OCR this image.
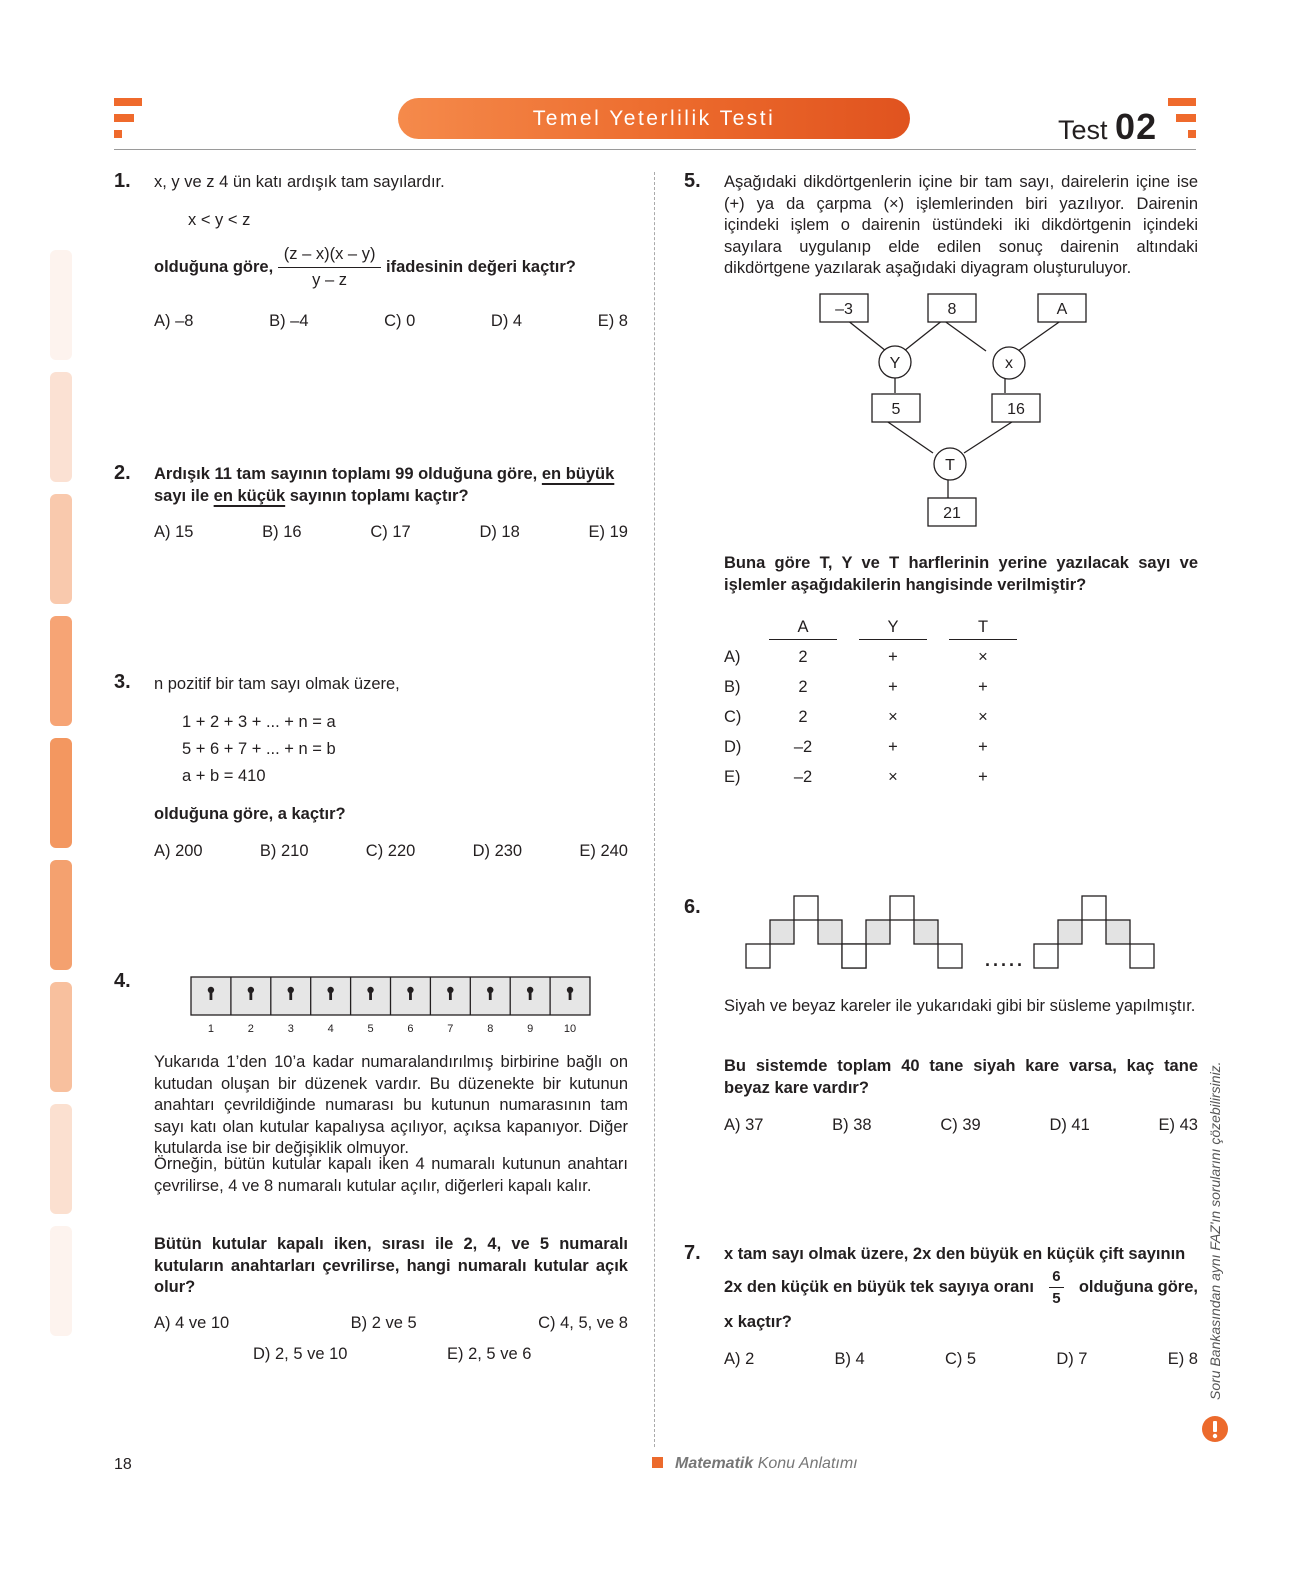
Temel Yeterlilik Testi	Test 02
1. x, y ve z 4 ün katı ardışık tam sayılardır.
x < y < z
olduğuna göre, $\frac{(z - x)(x - y)}{y - z}$ ifadesinin değeri kaçtır?
A) –8	B) –4	C) 0	D) 4	E) 8
2. Ardışık 11 tam sayının toplamı 99 olduğuna göre, en büyük
sayı ile en küçük sayının toplamı kaçtır?
A) 15	B) 16	C) 17	D) 18	E) 19
3. n pozitif bir tam sayı olmak üzere,
1 + 2 + 3 + ... + n = a
5 + 6 + 7 + ... + n = b
a + b = 410
olduğuna göre, a kaçtır?
A) 200	B) 210	C) 220	D) 230	E) 240
4.
1	2	3	4	5	6	7	8	9	10
Yukarıda 1’den 10’a kadar numaralandırılmış birbirine bağlı on kutudan oluşan bir düzenek vardır. Bu düzenekte bir kutunun anahtarı çevrildiğinde numarası bu kutunun numarasının tam sayı katı olan kutular kapalıysa açılıyor, açıksa kapanıyor. Diğer kutularda ise bir değişiklik olmuyor.
Örneğin, bütün kutular kapalı iken 4 numaralı kutunun anahtarı çevrilirse, 4 ve 8 numaralı kutular açılır, diğerleri kapalı kalır.
Bütün kutular kapalı iken, sırası ile 2, 4, ve 5 numaralı kutuların anahtarları çevrilirse, hangi numaralı kutular açık olur?
A) 4 ve 10	B) 2 ve 5	C) 4, 5, ve 8
D) 2, 5 ve 10	E) 2, 5 ve 6
5. Aşağıdaki dikdörtgenlerin içine bir tam sayı, dairelerin içine ise (+) ya da çarpma (×) işlemlerinden biri yazılıyor. Dairenin içindeki işlem o dairenin üstündeki iki dikdörtgenin içindeki sayılara uygulanıp elde edilen sonuç dairenin altındaki dikdörtgene yazılarak aşağıdaki diyagram oluşturuluyor.
–3	8	A
Y	x
5	16
T
21
Buna göre T, Y ve T harflerinin yerine yazılacak sayı ve işlemler aşağıdakilerin hangisinde verilmiştir?
	A	Y	T
A)	2	+	×
B)	2	+	+
C)	2	×	×
D)	–2	+	+
E)	–2	×	+
6.
.....
Siyah ve beyaz kareler ile yukarıdaki gibi bir süsleme yapılmıştır.
Bu sistemde toplam 40 tane siyah kare varsa, kaç tane beyaz kare vardır?
A) 37	B) 38	C) 39	D) 41	E) 43
7. x tam sayı olmak üzere, 2x den büyük en küçük çift sayının
2x den küçük en büyük tek sayıya oranı $\frac{6}{5}$ olduğuna göre,
x kaçtır?
A) 2	B) 4	C) 5	D) 7	E) 8 Soru Bankasından aynı FAZ'ın sorularını çözebilirsiniz.
18	Matematik Konu Anlatımı
